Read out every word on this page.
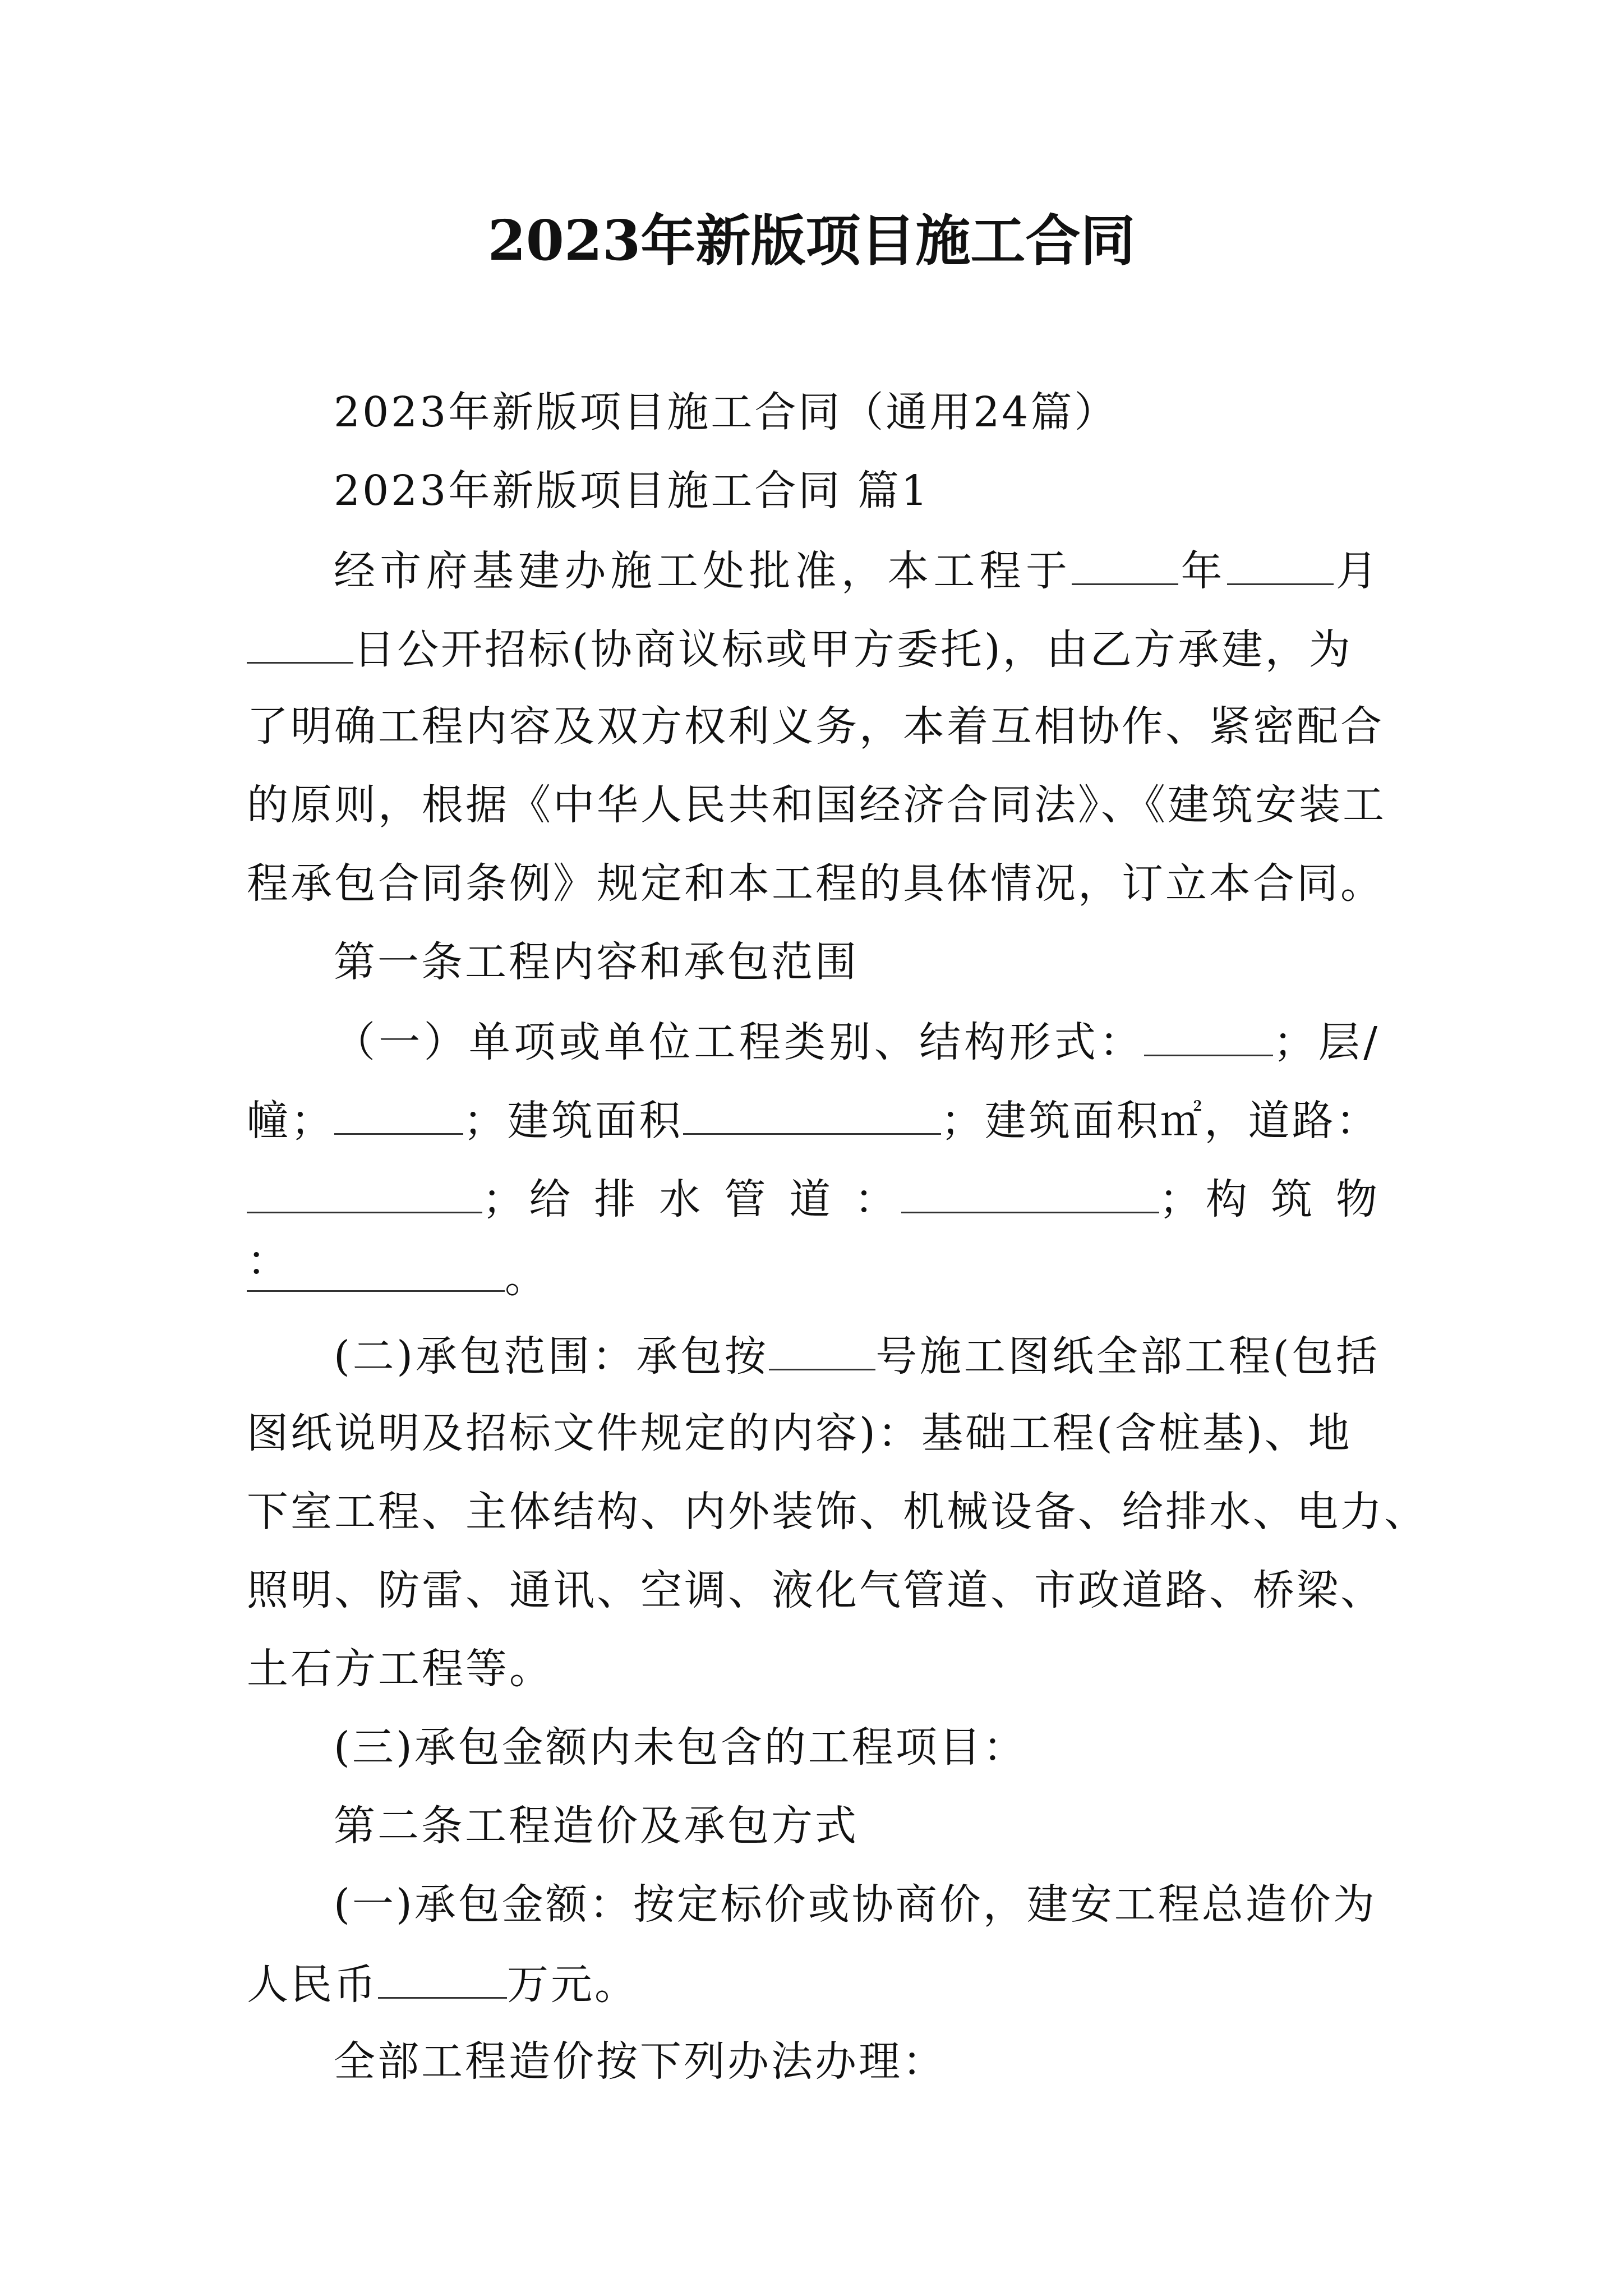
2023年新版项目施工合同

2023年新版项目施工合同（通用24篇）

2023年新版项目施工合同 篇1

经市府基建办施工处批准，本工程于	年	月

日公开招标(协商议标或甲方委托)，由乙方承建，为

了明确工程内容及双方权利义务，本着互相协作、紧密配合

的原则，根据《中华人民共和国经济合同法》、《建筑安装工

程承包合同条例》规定和本工程的具体情况，订立本合同。

第一条工程内容和承包范围

（一）单项或单位工程类别、结构形式：	；层/

幢；	；建筑面积	；建筑面积㎡，道路：

；给 排 水 管 道 ：	；构 筑 物 ：	。

(二)承包范围：承包按	号施工图纸全部工程(包括

图纸说明及招标文件规定的内容)：基础工程(含桩基)、地

下室工程、主体结构、内外装饰、机械设备、给排水、电力、

照明、防雷、通讯、空调、液化气管道、市政道路、桥梁、

土石方工程等。

(三)承包金额内未包含的工程项目：

第二条工程造价及承包方式

(一)承包金额：按定标价或协商价，建安工程总造价为

人民币	万元。

全部工程造价按下列办法办理：
